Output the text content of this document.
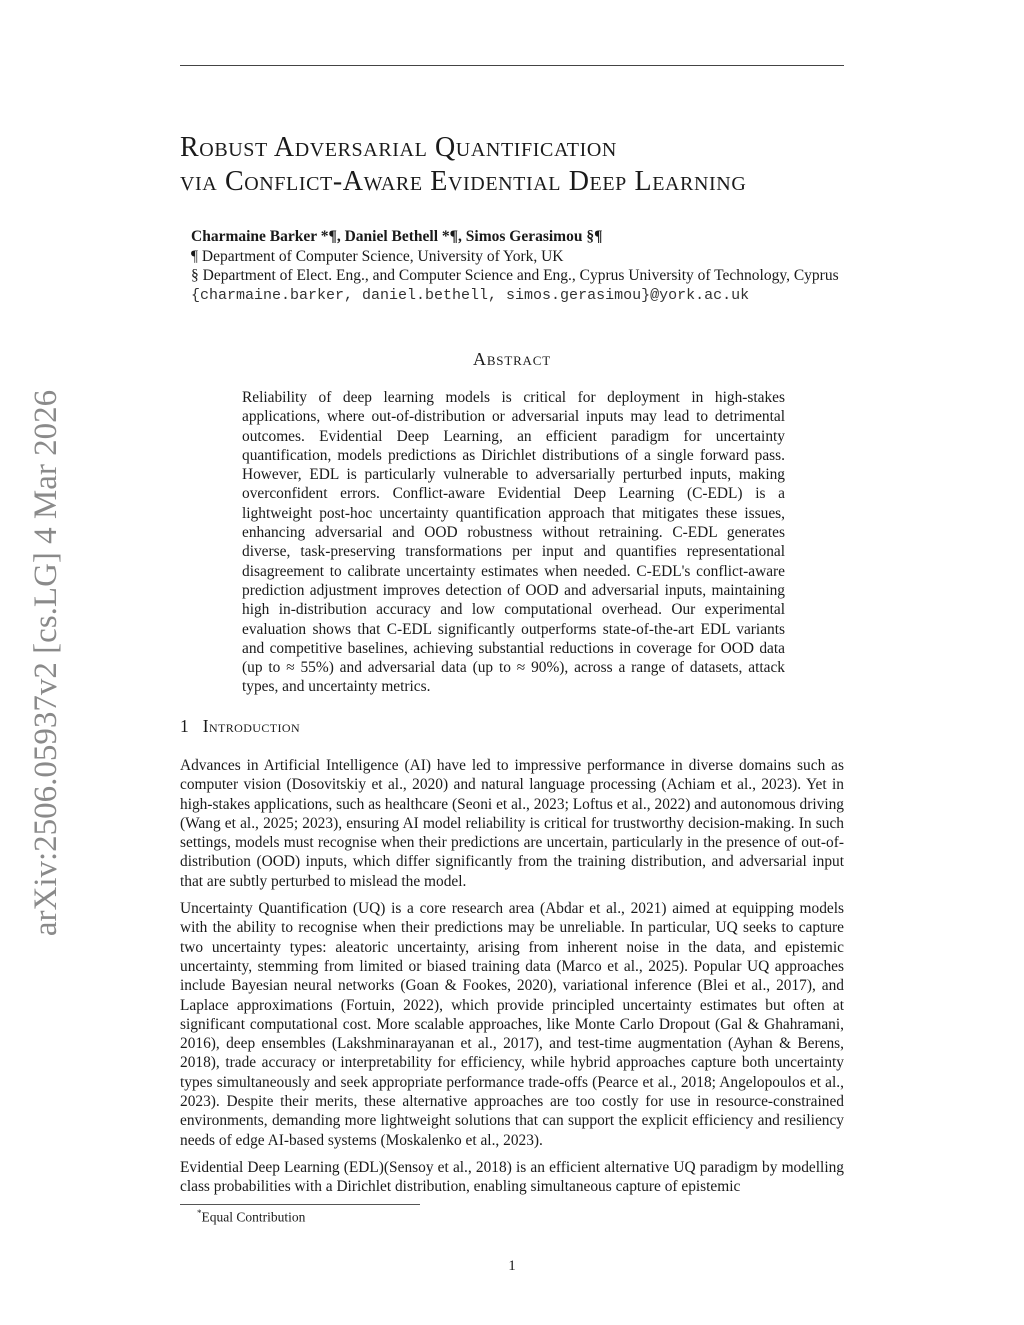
arXiv:2506.05937v2 [cs.LG] 4 Mar 2026
Robust Adversarial Quantification
via Conflict-Aware Evidential Deep Learning
Charmaine Barker *¶, Daniel Bethell *¶, Simos Gerasimou §¶
¶ Department of Computer Science, University of York, UK
§ Department of Elect. Eng., and Computer Science and Eng., Cyprus University of Technology, Cyprus
{charmaine.barker, daniel.bethell, simos.gerasimou}@york.ac.uk
Abstract

Reliability of deep learning models is critical for deployment in high-stakes applications, where out-of-distribution or adversarial inputs may lead to detrimental outcomes. Evidential Deep Learning, an efficient paradigm for uncertainty quantification, models predictions as Dirichlet distributions of a single forward pass. However, EDL is particularly vulnerable to adversarially perturbed inputs, making overconfident errors. Conflict-aware Evidential Deep Learning (C-EDL) is a lightweight post-hoc uncertainty quantification approach that mitigates these issues, enhancing adversarial and OOD robustness without retraining. C-EDL generates diverse, task-preserving transformations per input and quantifies representational disagreement to calibrate uncertainty estimates when needed. C-EDL's conflict-aware prediction adjustment improves detection of OOD and adversarial inputs, maintaining high in-distribution accuracy and low computational overhead. Our experimental evaluation shows that C-EDL significantly outperforms state-of-the-art EDL variants and competitive baselines, achieving substantial reductions in coverage for OOD data (up to ≈ 55%) and adversarial data (up to ≈ 90%), across a range of datasets, attack types, and uncertainty metrics.

1 Introduction

Advances in Artificial Intelligence (AI) have led to impressive performance in diverse domains such as computer vision (Dosovitskiy et al., 2020) and natural language processing (Achiam et al., 2023). Yet in high-stakes applications, such as healthcare (Seoni et al., 2023; Loftus et al., 2022) and autonomous driving (Wang et al., 2025; 2023), ensuring AI model reliability is critical for trustworthy decision-making. In such settings, models must recognise when their predictions are uncertain, particularly in the presence of out-of-distribution (OOD) inputs, which differ significantly from the training distribution, and adversarial input that are subtly perturbed to mislead the model.

Uncertainty Quantification (UQ) is a core research area (Abdar et al., 2021) aimed at equipping models with the ability to recognise when their predictions may be unreliable. In particular, UQ seeks to capture two uncertainty types: aleatoric uncertainty, arising from inherent noise in the data, and epistemic uncertainty, stemming from limited or biased training data (Marco et al., 2025). Popular UQ approaches include Bayesian neural networks (Goan & Fookes, 2020), variational inference (Blei et al., 2017), and Laplace approximations (Fortuin, 2022), which provide principled uncertainty estimates but often at significant computational cost. More scalable approaches, like Monte Carlo Dropout (Gal & Ghahramani, 2016), deep ensembles (Lakshminarayanan et al., 2017), and test-time augmentation (Ayhan & Berens, 2018), trade accuracy or interpretability for efficiency, while hybrid approaches capture both uncertainty types simultaneously and seek appropriate performance trade-offs (Pearce et al., 2018; Angelopoulos et al., 2023). Despite their merits, these alternative approaches are too costly for use in resource-constrained environments, demanding more lightweight solutions that can support the explicit efficiency and resiliency needs of edge AI-based systems (Moskalenko et al., 2023).

Evidential Deep Learning (EDL)(Sensoy et al., 2018) is an efficient alternative UQ paradigm by modelling class probabilities with a Dirichlet distribution, enabling simultaneous capture of epistemic

*Equal Contribution
1
